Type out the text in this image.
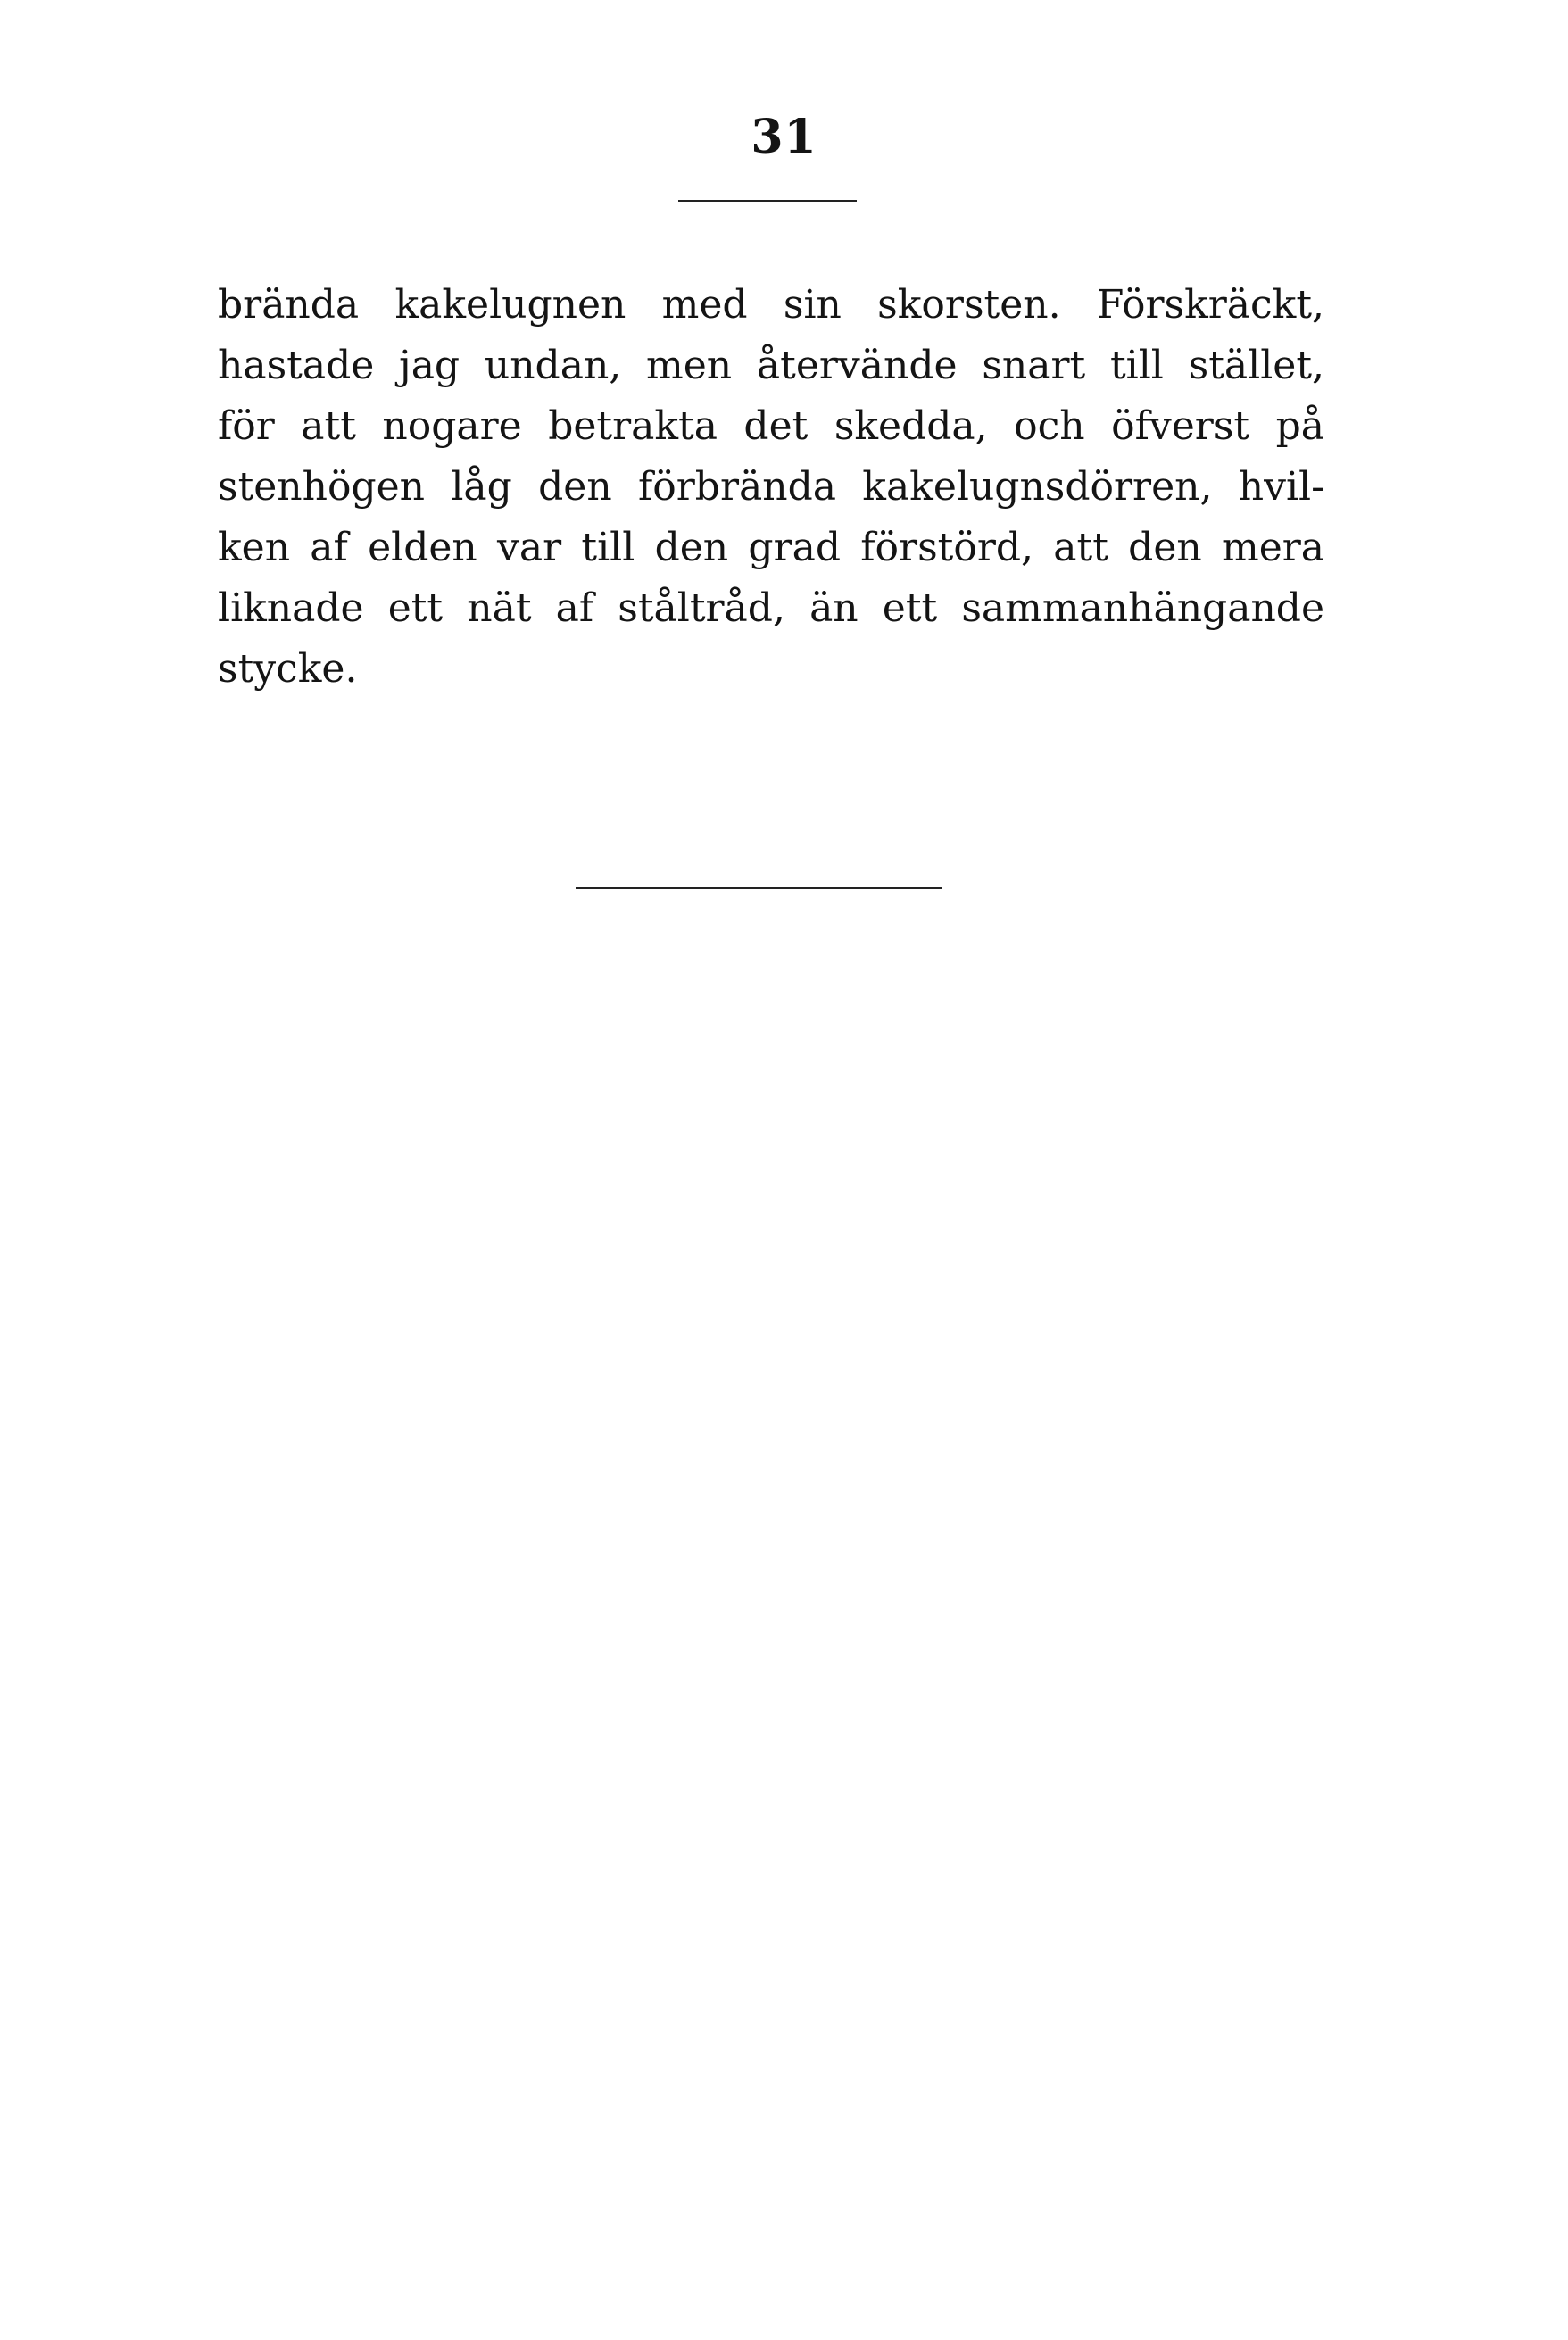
31
brända kakelugnen med sin skorsten. Förskräckt,
hastade jag undan, men återvände snart till stället,
för att nogare betrakta det skedda, och öfverst på
stenhögen låg den förbrända kakelugnsdörren, hvil-
ken af elden var till den grad förstörd, att den mera
liknade ett nät af ståltråd, än ett sammanhängande
stycke.
